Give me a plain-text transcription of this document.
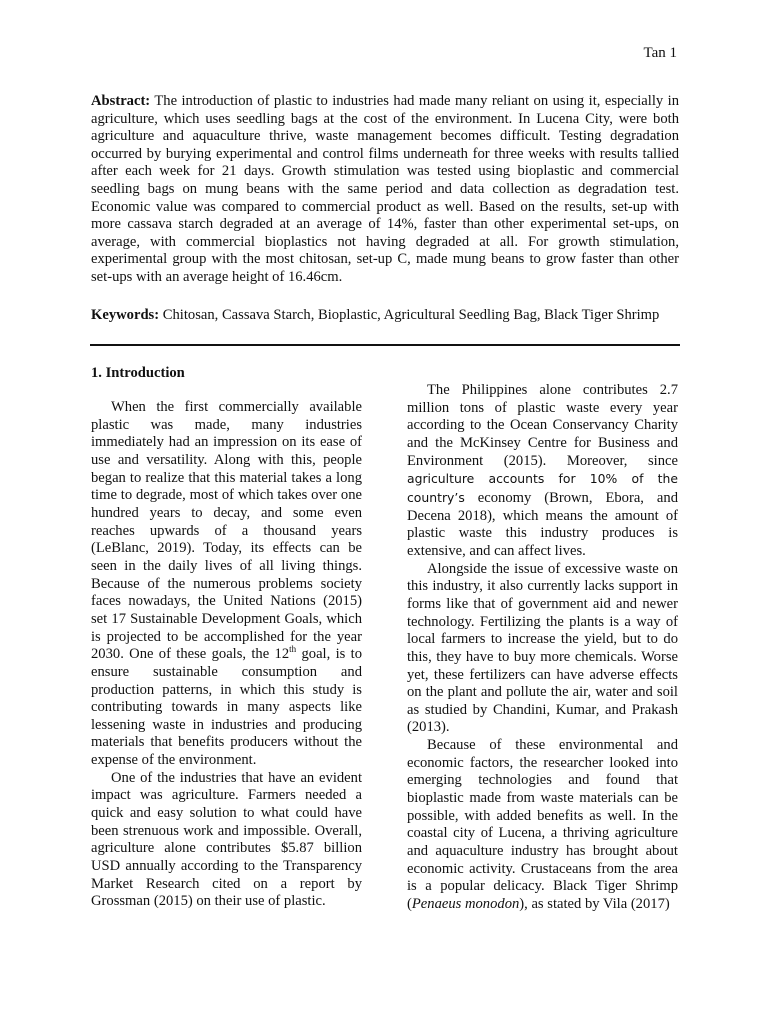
Tan 1

Abstract: The introduction of plastic to industries had made many reliant on using it, especially in agriculture, which uses seedling bags at the cost of the environment. In Lucena City, were both agriculture and aquaculture thrive, waste management becomes difficult. Testing degradation occurred by burying experimental and control films underneath for three weeks with results tallied after each week for 21 days. Growth stimulation was tested using bioplastic and commercial seedling bags on mung beans with the same period and data collection as degradation test. Economic value was compared to commercial product as well. Based on the results, set-up with more cassava starch degraded at an average of 14%, faster than other experimental set-ups, on average, with commercial bioplastics not having degraded at all. For growth stimulation, experimental group with the most chitosan, set-up C, made mung beans to grow faster than other set-ups with an average height of 16.46cm.

Keywords: Chitosan, Cassava Starch, Bioplastic, Agricultural Seedling Bag, Black Tiger Shrimp

1. Introduction

When the first commercially available plastic was made, many industries immediately had an impression on its ease of use and versatility. Along with this, people began to realize that this material takes a long time to degrade, most of which takes over one hundred years to decay, and some even reaches upwards of a thousand years (LeBlanc, 2019). Today, its effects can be seen in the daily lives of all living things. Because of the numerous problems society faces nowadays, the United Nations (2015) set 17 Sustainable Development Goals, which is projected to be accomplished for the year 2030. One of these goals, the 12th goal, is to ensure sustainable consumption and production patterns, in which this study is contributing towards in many aspects like lessening waste in industries and producing materials that benefits producers without the expense of the environment.

One of the industries that have an evident impact was agriculture. Farmers needed a quick and easy solution to what could have been strenuous work and impossible. Overall, agriculture alone contributes $5.87 billion USD annually according to the Transparency Market Research cited on a report by Grossman (2015) on their use of plastic.

The Philippines alone contributes 2.7 million tons of plastic waste every year according to the Ocean Conservancy Charity and the McKinsey Centre for Business and Environment (2015). Moreover, since agriculture accounts for 10% of the country’s economy (Brown, Ebora, and Decena 2018), which means the amount of plastic waste this industry produces is extensive, and can affect lives.

Alongside the issue of excessive waste on this industry, it also currently lacks support in forms like that of government aid and newer technology. Fertilizing the plants is a way of local farmers to increase the yield, but to do this, they have to buy more chemicals. Worse yet, these fertilizers can have adverse effects on the plant and pollute the air, water and soil as studied by Chandini, Kumar, and Prakash (2013).

Because of these environmental and economic factors, the researcher looked into emerging technologies and found that bioplastic made from waste materials can be possible, with added benefits as well. In the coastal city of Lucena, a thriving agriculture and aquaculture industry has brought about economic activity. Crustaceans from the area is a popular delicacy. Black Tiger Shrimp (Penaeus monodon), as stated by Vila (2017)
